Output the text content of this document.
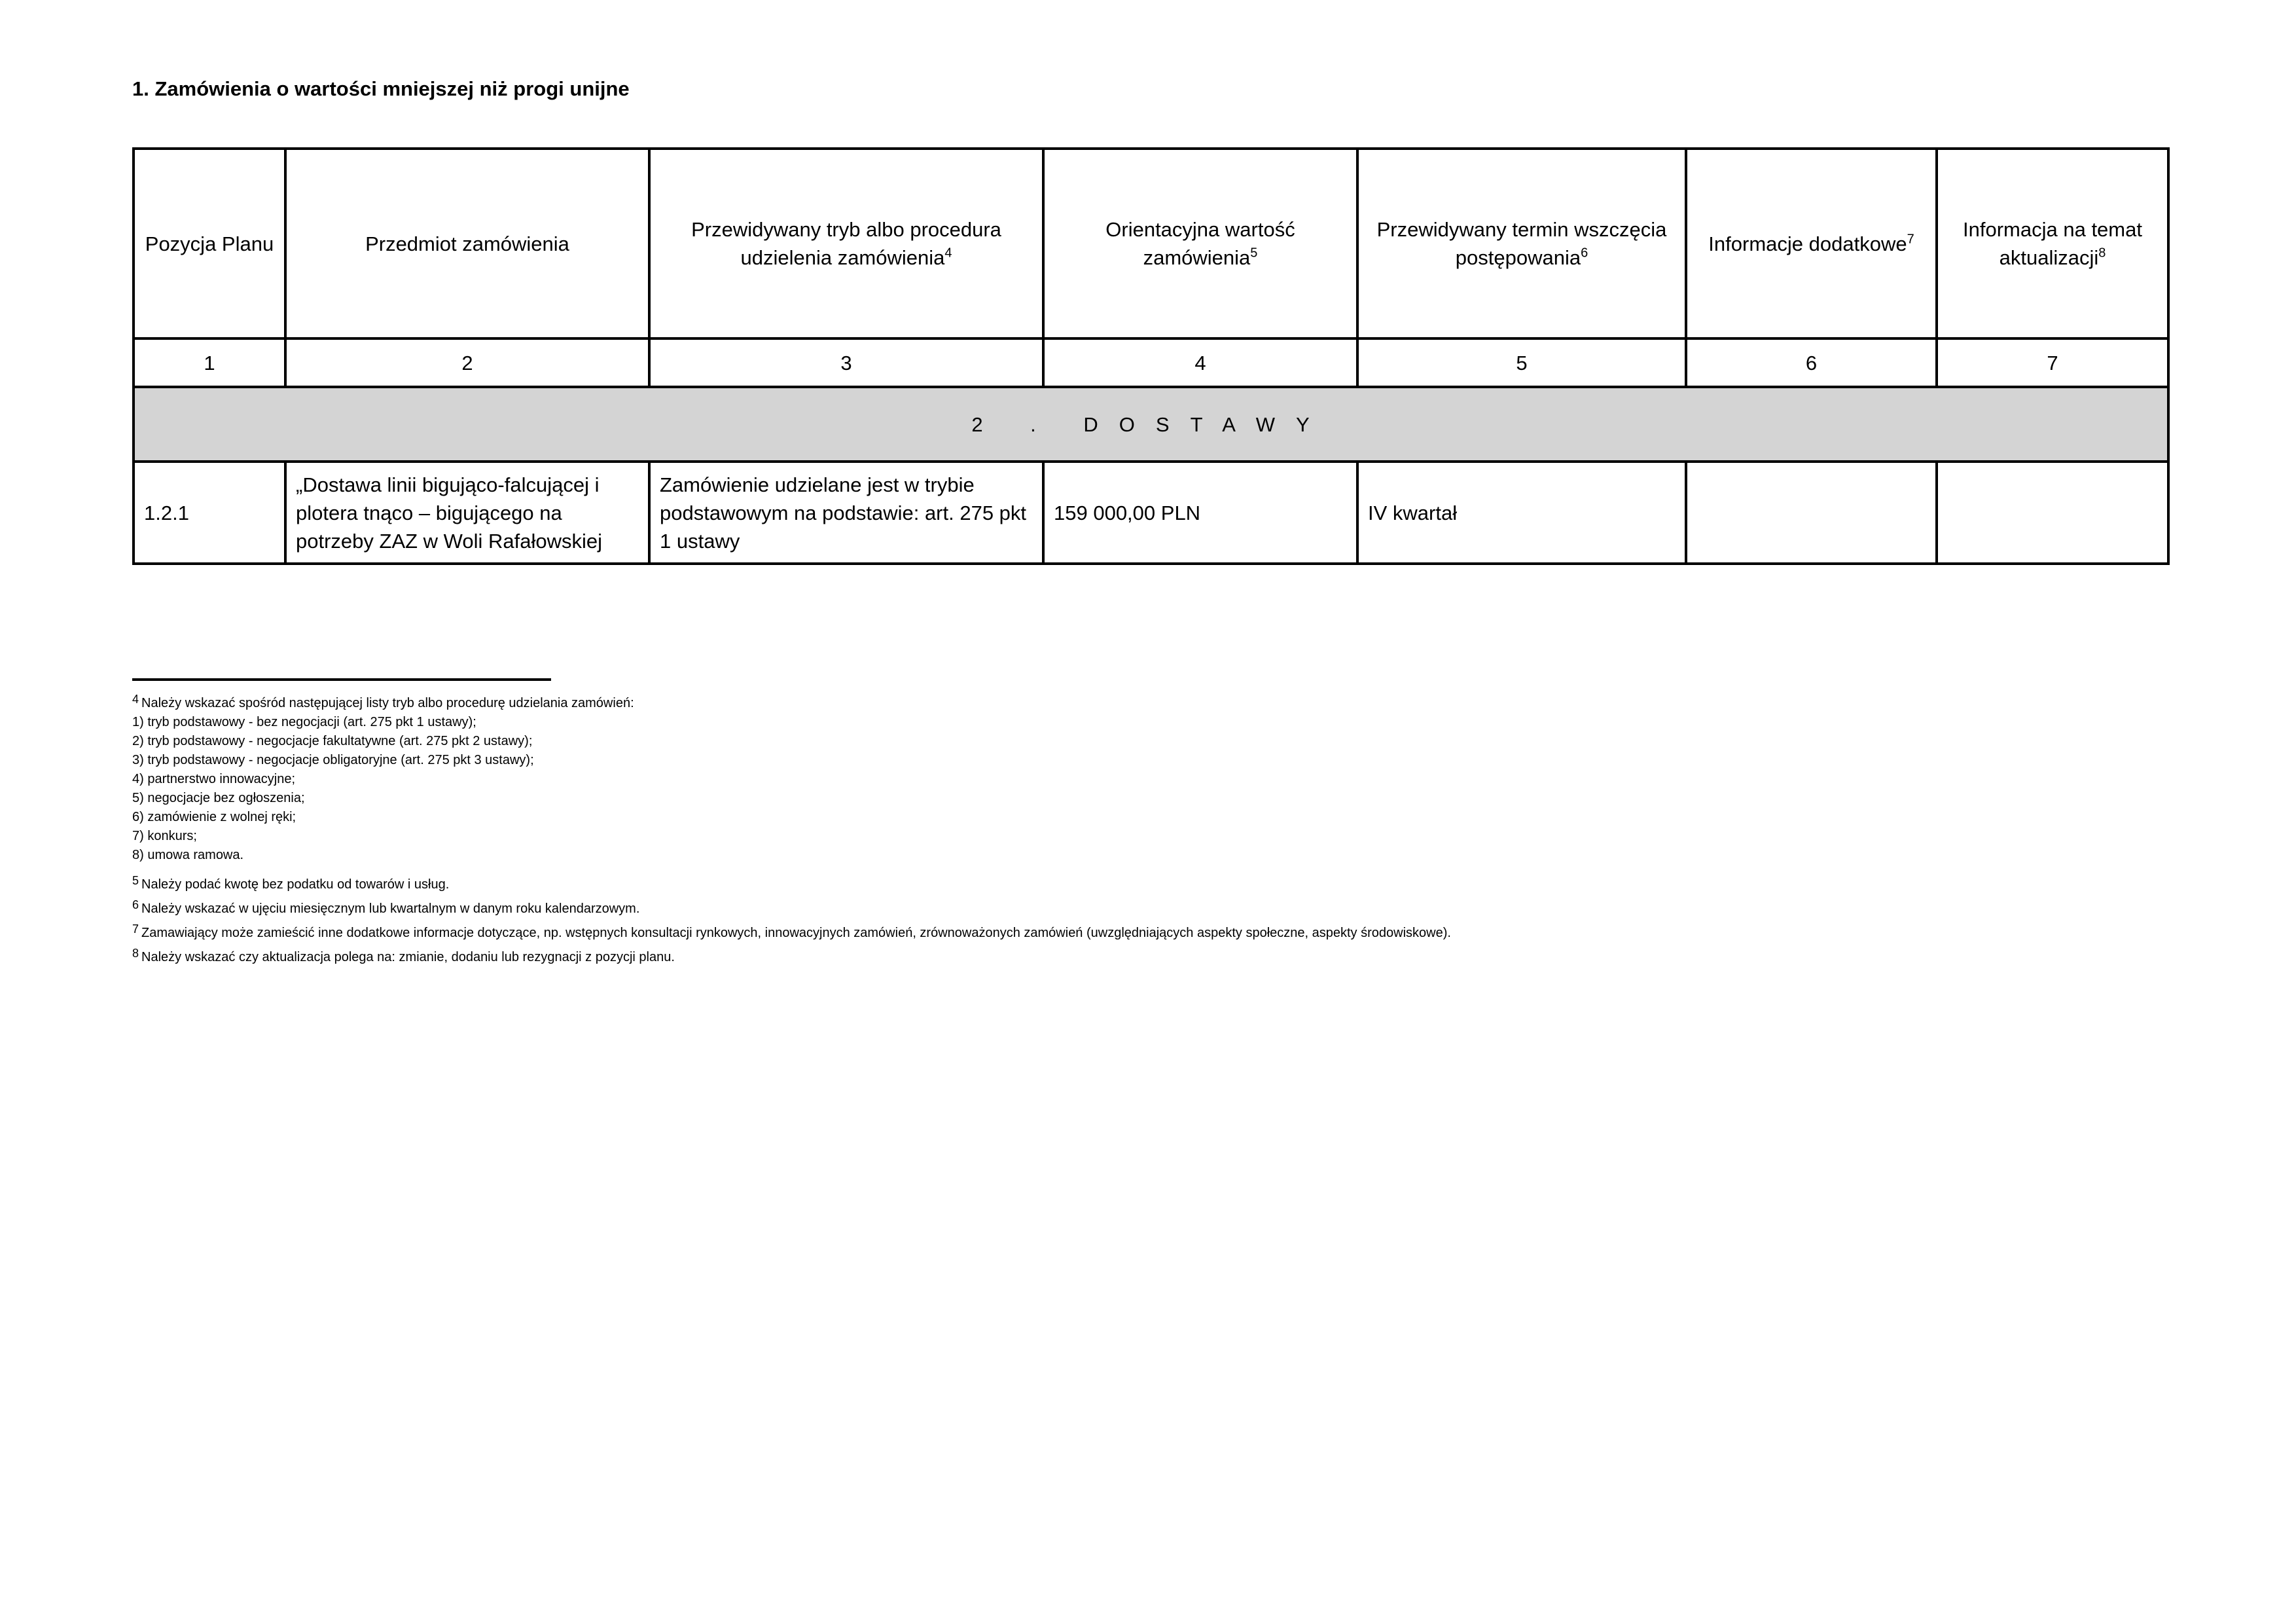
1. Zamówienia o wartości mniejszej niż progi unijne
Pozycja Planu	Przedmiot zamówienia	Przewidywany tryb albo procedura udzielenia zamówienia$^4$	Orientacyjna wartość zamówienia$^5$	Przewidywany termin wszczęcia postępowania$^6$	Informacje dodatkowe$^7$	Informacja na temat aktualizacji$^8$
1	2	3	4	5	6	7
2 . DOSTAWY						
1.2.1	„Dostawa linii bigująco-falcującej i plotera tnąco – bigującego na potrzeby ZAZ w Woli Rafałowskiej	Zamówienie udzielane jest w trybie podstawowym na podstawie: art. 275 pkt 1 ustawy	159 000,00 PLN	IV kwartał		

$^4$ Należy wskazać spośród następującej listy tryb albo procedurę udzielania zamówień:

1) tryb podstawowy - bez negocjacji (art. 275 pkt 1 ustawy);
2) tryb podstawowy - negocjacje fakultatywne (art. 275 pkt 2 ustawy);
3) tryb podstawowy - negocjacje obligatoryjne (art. 275 pkt 3 ustawy);
4) partnerstwo innowacyjne;
5) negocjacje bez ogłoszenia;
6) zamówienie z wolnej ręki;
7) konkurs;
8) umowa ramowa.

$^5$ Należy podać kwotę bez podatku od towarów i usług.

$^6$ Należy wskazać w ujęciu miesięcznym lub kwartalnym w danym roku kalendarzowym.

$^7$ Zamawiający może zamieścić inne dodatkowe informacje dotyczące, np. wstępnych konsultacji rynkowych, innowacyjnych zamówień, zrównoważonych zamówień (uwzględniających aspekty społeczne, aspekty środowiskowe).

$^8$ Należy wskazać czy aktualizacja polega na: zmianie, dodaniu lub rezygnacji z pozycji planu.
